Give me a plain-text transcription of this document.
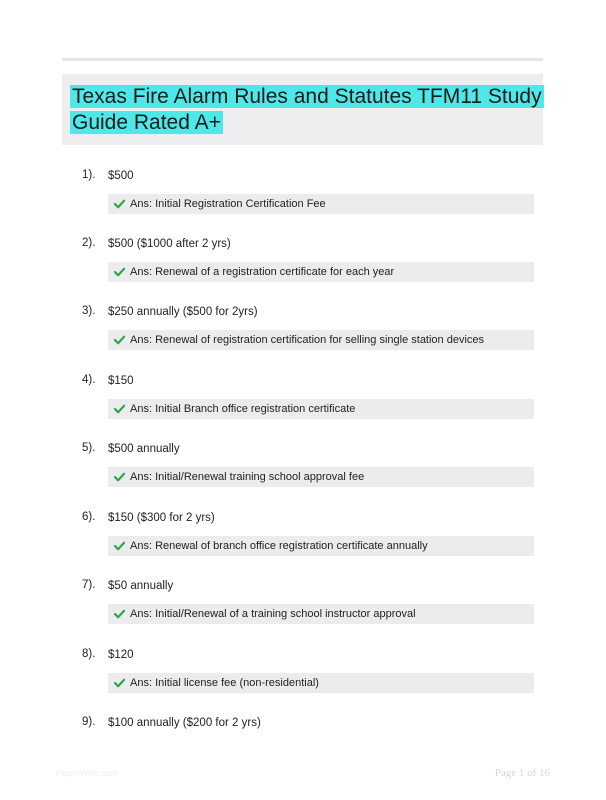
Texas Fire Alarm Rules and Statutes TFM11 Study Guide Rated A+
1). $500
Ans:
Initial Registration Certification Fee
2). $500 ($1000 after 2 yrs)
Ans:
Renewal of a registration certificate for each year
3). $250 annually ($500 for 2yrs)
Ans:
Renewal of registration certification for selling single station devices
4). $150
Ans:
Initial Branch office registration certificate
5). $500 annually
Ans:
Initial/Renewal training school approval fee
6). $150 ($300 for 2 yrs)
Ans:
Renewal of branch office registration certificate annually
7). $50 annually
Ans:
Initial/Renewal of a training school instructor approval
8). $120
Ans:
Initial license fee (non-residential)
9). $100 annually ($200 for 2 yrs)
PaperWeb.com	Page 1 of 16
